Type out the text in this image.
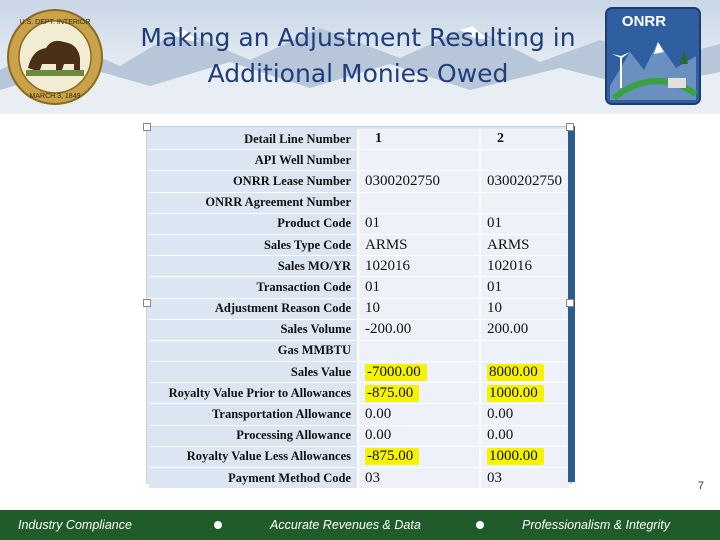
U.S. DEPT. INTERIOR
MARCH 3, 1849
Making an Adjustment Resulting in Additional Monies Owed
ONRR
Detail Line Number	1	2
API Well Number		
ONRR Lease Number	0300202750	0300202750
ONRR Agreement Number		
Product Code	01	01
Sales Type Code	ARMS	ARMS
Sales MO/YR	102016	102016
Transaction Code	01	01
Adjustment Reason Code	10	10
Sales Volume	-200.00	200.00
Gas MMBTU		
Sales Value	-7000.00	8000.00
Royalty Value Prior to Allowances	-875.00	1000.00
Transportation Allowance	0.00	0.00
Processing Allowance	0.00	0.00
Royalty Value Less Allowances	-875.00	1000.00
Payment Method Code	03	03
7
Industry Compliance	Accurate Revenues & Data	Professionalism & Integrity
